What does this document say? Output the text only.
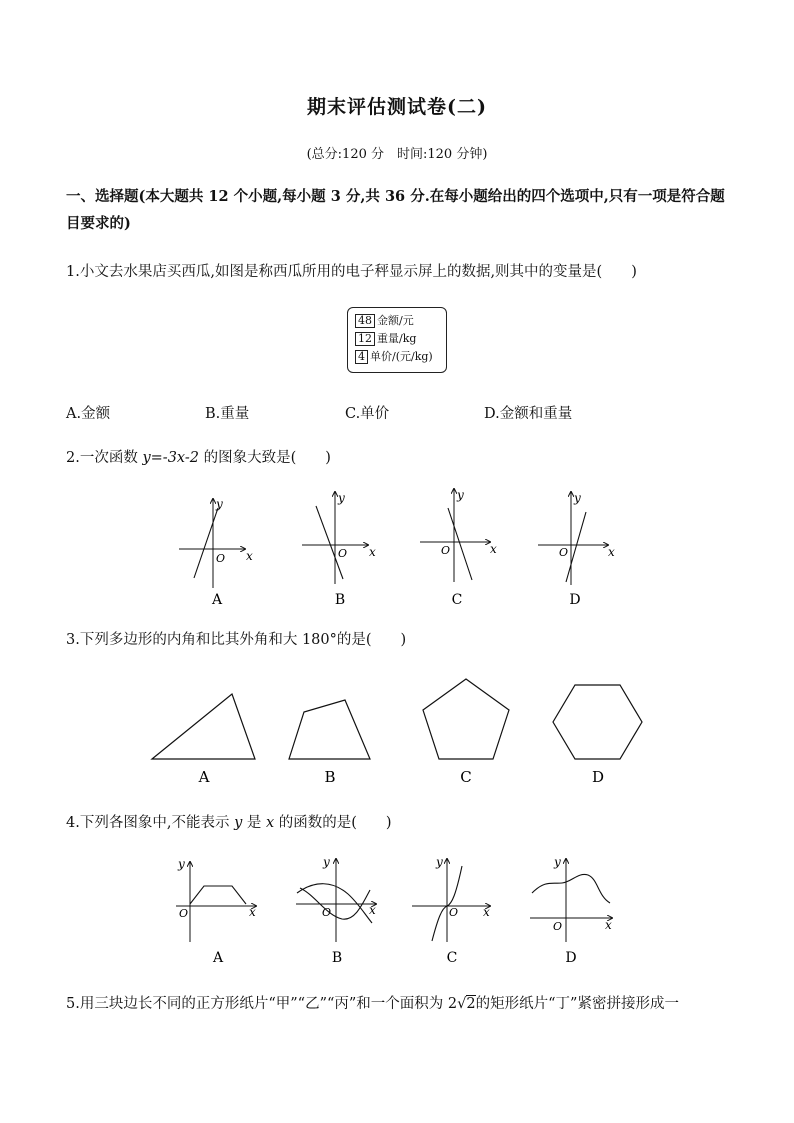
期末评估测试卷(二)
(总分:120 分　时间:120 分钟)
一、选择题(本大题共 12 个小题,每小题 3 分,共 36 分.在每小题给出的四个选项中,只有一项是符合题目要求的)
1.小文去水果店买西瓜,如图是称西瓜所用的电子秤显示屏上的数据,则其中的变量是(　　)
48 金额/元
12 重量/kg
4 单价/(元/kg)
A.金额	B.重量	C.单价	D.金额和重量
2.一次函数 y=-3x-2 的图象大致是(　　)
x
y
O	x
y
O	x
y
O	x
y
O
A	B	C	D
A	B	C	D
x
y
O	x
y
O	x
y
O
x
y
O
A	B	C	D
3.下列多边形的内角和比其外角和大 180°的是(　　)
4.下列各图象中,不能表示 y 是 x 的函数的是(　　)
5.用三块边长不同的正方形纸片“甲”“乙”“丙”和一个面积为 2√2的矩形纸片“丁”紧密拼接形成一
